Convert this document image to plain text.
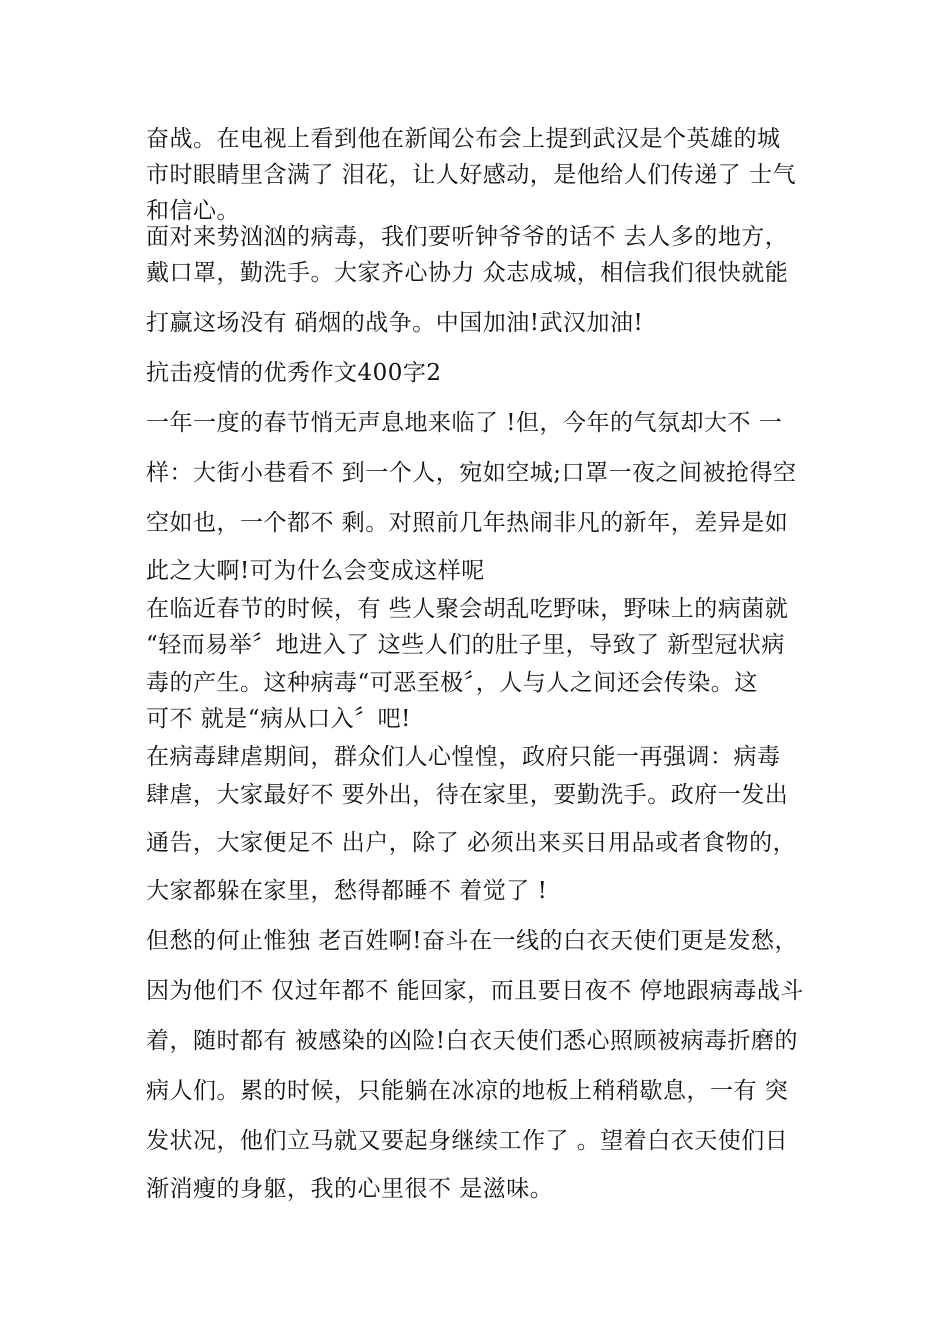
奋战。在电视上看到他在新闻公布会上提到武汉是个英雄的城
市时眼睛里含满了 泪花，让人好感动，是他给人们传递了 士气
和信心。
面对来势汹汹的病毒，我们要听钟爷爷的话不 去人多的地方，
戴口罩，勤洗手。大家齐心协力 众志成城，相信我们很快就能
打赢这场没有 硝烟的战争。中国加油!武汉加油!
抗击疫情的优秀作文400字2
一年一度的春节悄无声息地来临了 !但，今年的气氛却大不 一
样：大街小巷看不 到一个人，宛如空城;口罩一夜之间被抢得空
空如也，一个都不 剩。对照前几年热闹非凡的新年，差异是如
此之大啊!可为什么会变成这样呢
在临近春节的时候，有 些人聚会胡乱吃野味，野味上的病菌就
“轻而易举〞地进入了 这些人们的肚子里，导致了 新型冠状病
毒的产生。这种病毒“可恶至极〞，人与人之间还会传染。这
可不 就是“病从口入〞吧!
在病毒肆虐期间，群众们人心惶惶，政府只能一再强调：病毒
肆虐，大家最好不 要外出，待在家里，要勤洗手。政府一发出
通告，大家便足不 出户，除了 必须出来买日用品或者食物的，
大家都躲在家里，愁得都睡不 着觉了 !
但愁的何止惟独 老百姓啊!奋斗在一线的白衣天使们更是发愁，
因为他们不 仅过年都不 能回家，而且要日夜不 停地跟病毒战斗
着，随时都有 被感染的凶险!白衣天使们悉心照顾被病毒折磨的
病人们。累的时候，只能躺在冰凉的地板上稍稍歇息，一有 突
发状况，他们立马就又要起身继续工作了 。望着白衣天使们日
渐消瘦的身躯，我的心里很不 是滋味。
